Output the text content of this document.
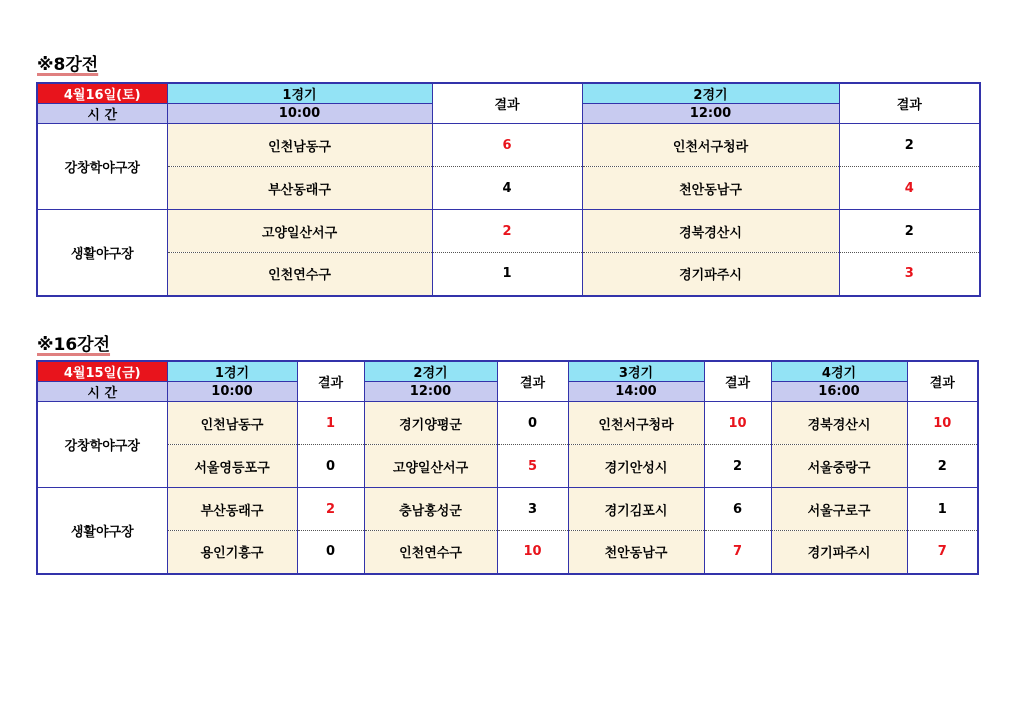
※8강전
4월16일(토)	1경기	결과	2경기	결과
시 간	10:00		12:00	
강창학야구장	인천남동구	6	인천서구청라	2
	부산동래구	4	천안동남구	4
생활야구장	고양일산서구	2	경북경산시	2
	인천연수구	1	경기파주시	3
※16강전
4월15일(금)	1경기	결과	2경기	결과	3경기	결과	4경기	결과
시 간	10:00		12:00		14:00		16:00	
강창학야구장	인천남동구	1	경기양평군	0	인천서구청라	10	경북경산시	10
	서울영등포구	0	고양일산서구	5	경기안성시	2	서울중랑구	2
생활야구장	부산동래구	2	충남홍성군	3	경기김포시	6	서울구로구	1
	용인기흥구	0	인천연수구	10	천안동남구	7	경기파주시	7
